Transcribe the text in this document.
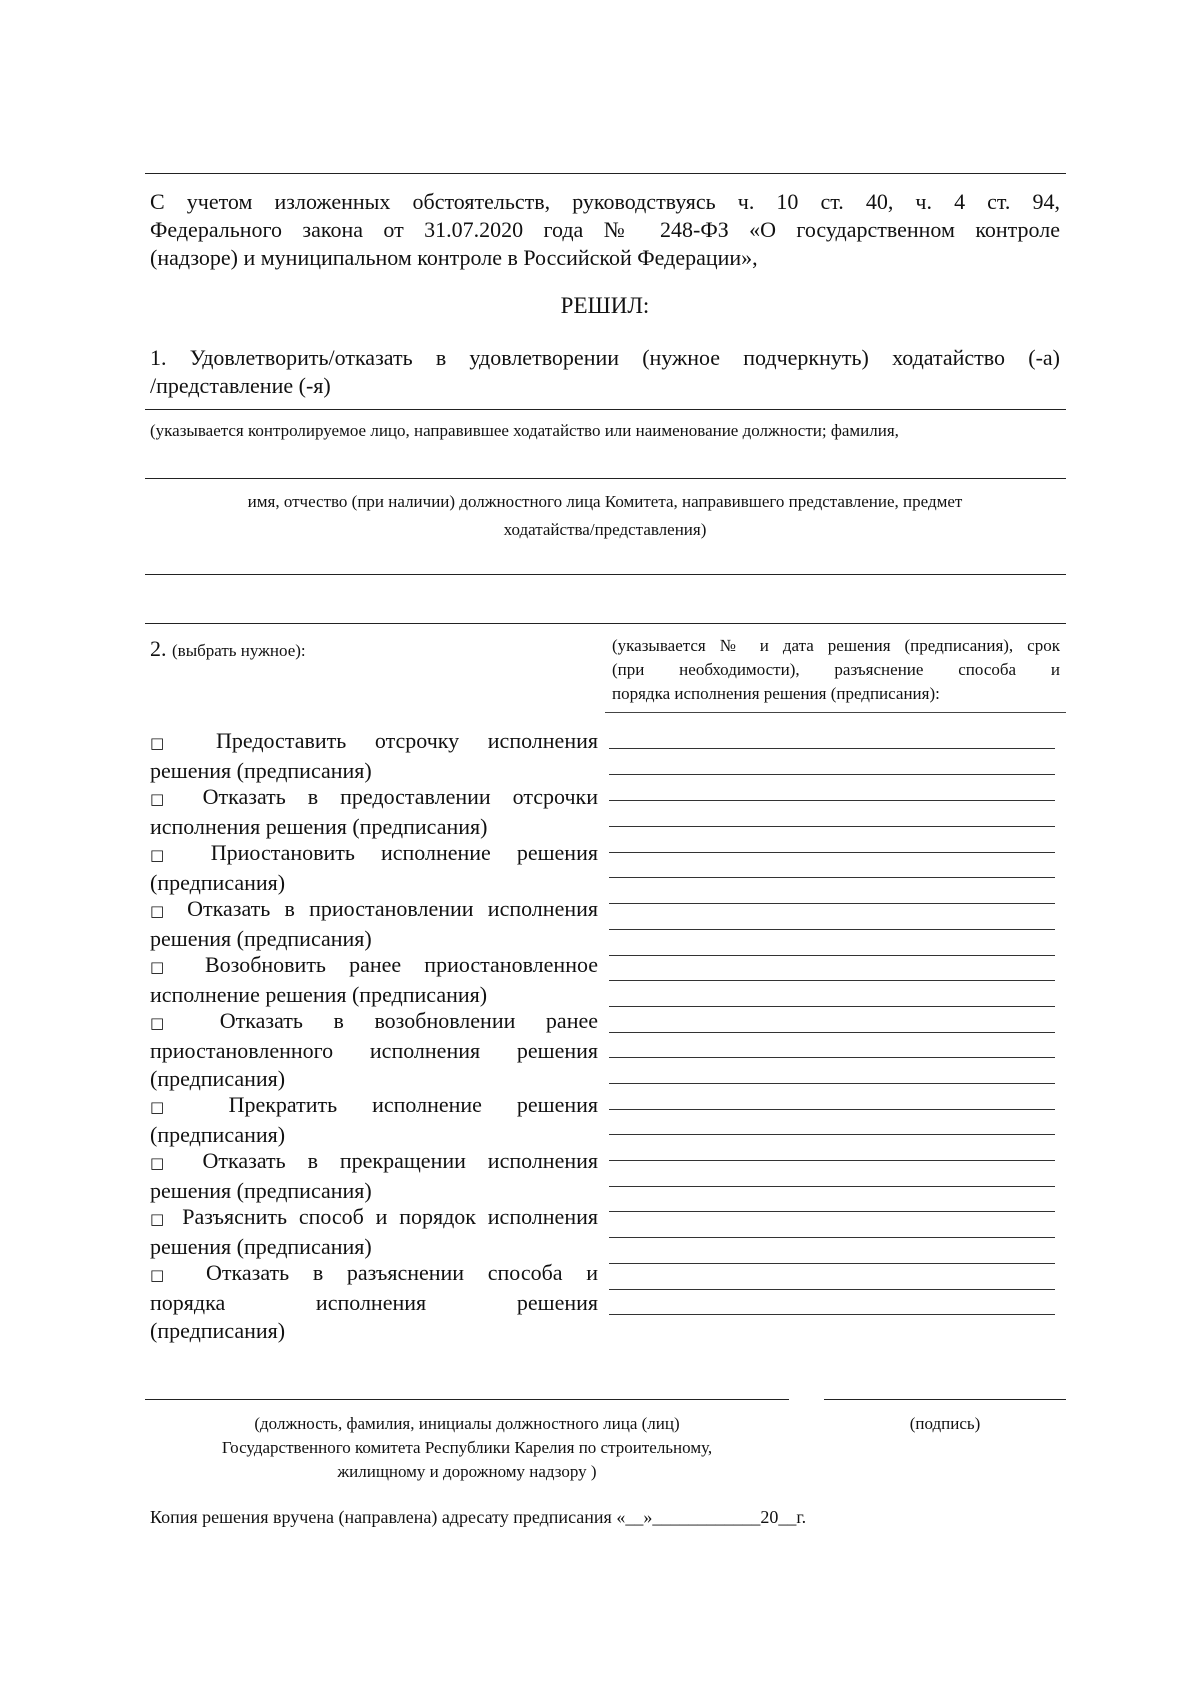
С учетом изложенных обстоятельств, руководствуясь ч. 10 ст. 40, ч. 4 ст. 94,
Федерального закона от 31.07.2020 года № 248-ФЗ «О государственном контроле
(надзоре) и муниципальном контроле в Российской Федерации»,
РЕШИЛ:
1. Удовлетворить/отказать в удовлетворении (нужное подчеркнуть) ходатайство (-а)
/представление (-я)
(указывается контролируемое лицо, направившее ходатайство или наименование должности; фамилия,
имя, отчество (при наличии) должностного лица Комитета, направившего представление, предмет
ходатайства/представления)
2. (выбрать нужное):	(указывается № и дата решения (предписания), срок
(при необходимости), разъяснение способа и
порядка исполнения решения (предписания):
□ Предоставить отсрочку исполнения
решения (предписания)
□ Отказать в предоставлении отсрочки
исполнения решения (предписания)
□ Приостановить исполнение решения
(предписания)
□ Отказать в приостановлении исполнения
решения (предписания)
□ Возобновить ранее приостановленное
исполнение решения (предписания)
□ Отказать в возобновлении ранее
приостановленного исполнения решения
(предписания)
□ Прекратить исполнение решения
(предписания)
□ Отказать в прекращении исполнения
решения (предписания)
□ Разъяснить способ и порядок исполнения
решения (предписания)
□ Отказать в разъяснении способа и
порядка исполнения решения
(предписания)
(должность, фамилия, инициалы должностного лица (лиц)
Государственного комитета Республики Карелия по строительному,
жилищному и дорожному надзору )
(подпись)
Копия решения вручена (направлена) адресату предписания «__»____________20__г.
